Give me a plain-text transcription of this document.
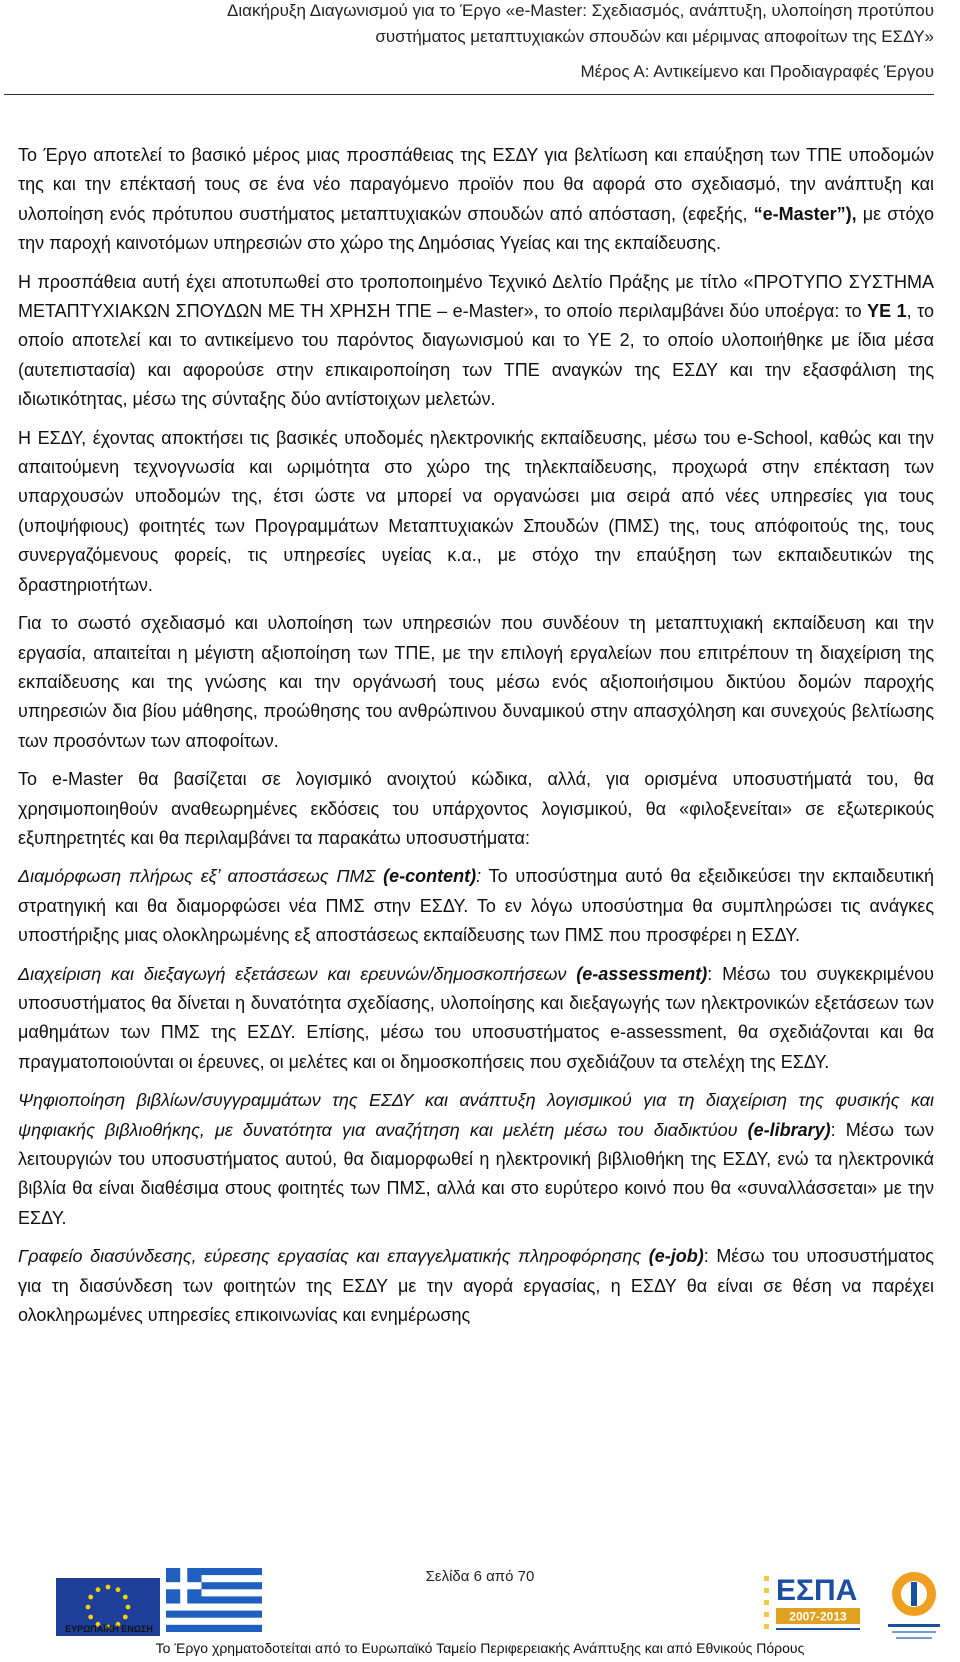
Διακήρυξη Διαγωνισμού για το Έργο «e-Master: Σχεδιασμός, ανάπτυξη, υλοποίηση προτύπου
συστήματος μεταπτυχιακών σπουδών και μέριμνας αποφοίτων της ΕΣΔΥ»
Μέρος Α: Αντικείμενο και Προδιαγραφές Έργου

Το Έργο αποτελεί το βασικό μέρος μιας προσπάθειας της ΕΣΔΥ για βελτίωση και επαύξηση των ΤΠΕ υποδομών της και την επέκτασή τους σε ένα νέο παραγόμενο προϊόν που θα αφορά στο σχεδιασμό, την ανάπτυξη και υλοποίηση ενός πρότυπου συστήματος μεταπτυχιακών σπουδών από απόσταση, (εφεξής, “e-Master”), με στόχο την παροχή καινοτόμων υπηρεσιών στο χώρο της Δημόσιας Υγείας και της εκπαίδευσης.

Η προσπάθεια αυτή έχει αποτυπωθεί στο τροποποιημένο Τεχνικό Δελτίο Πράξης με τίτλο «ΠΡΟΤΥΠΟ ΣΥΣΤΗΜΑ ΜΕΤΑΠΤΥΧΙΑΚΩΝ ΣΠΟΥΔΩΝ ΜΕ ΤΗ ΧΡΗΣΗ ΤΠΕ – e-Master», το οποίο περιλαμβάνει δύο υποέργα: το ΥΕ 1, το οποίο αποτελεί και το αντικείμενο του παρόντος διαγωνισμού και το ΥΕ 2, το οποίο υλοποιήθηκε με ίδια μέσα (αυτεπιστασία) και αφορούσε στην επικαιροποίηση των ΤΠΕ αναγκών της ΕΣΔΥ και την εξασφάλιση της ιδιωτικότητας, μέσω της σύνταξης δύο αντίστοιχων μελετών.

Η ΕΣΔΥ, έχοντας αποκτήσει τις βασικές υποδομές ηλεκτρονικής εκπαίδευσης, μέσω του e-School, καθώς και την απαιτούμενη τεχνογνωσία και ωριμότητα στο χώρο της τηλεκπαίδευσης, προχωρά στην επέκταση των υπαρχουσών υποδομών της, έτσι ώστε να μπορεί να οργανώσει μια σειρά από νέες υπηρεσίες για τους (υποψήφιους) φοιτητές των Προγραμμάτων Μεταπτυχιακών Σπουδών (ΠΜΣ) της, τους απόφοιτούς της, τους συνεργαζόμενους φορείς, τις υπηρεσίες υγείας κ.α., με στόχο την επαύξηση των εκπαιδευτικών της δραστηριοτήτων.

Για το σωστό σχεδιασμό και υλοποίηση των υπηρεσιών που συνδέουν τη μεταπτυχιακή εκπαίδευση και την εργασία, απαιτείται η μέγιστη αξιοποίηση των ΤΠΕ, με την επιλογή εργαλείων που επιτρέπουν τη διαχείριση της εκπαίδευσης και της γνώσης και την οργάνωσή τους μέσω ενός αξιοποιήσιμου δικτύου δομών παροχής υπηρεσιών δια βίου μάθησης, προώθησης του ανθρώπινου δυναμικού στην απασχόληση και συνεχούς βελτίωσης των προσόντων των αποφοίτων.

Το e-Master θα βασίζεται σε λογισμικό ανοιχτού κώδικα, αλλά, για ορισμένα υποσυστήματά του, θα χρησιμοποιηθούν αναθεωρημένες εκδόσεις του υπάρχοντος λογισμικού, θα «φιλοξενείται» σε εξωτερικούς εξυπηρετητές και θα περιλαμβάνει τα παρακάτω υποσυστήματα:

Διαμόρφωση πλήρως εξ’ αποστάσεως ΠΜΣ (e-content): Το υποσύστημα αυτό θα εξειδικεύσει την εκπαιδευτική στρατηγική και θα διαμορφώσει νέα ΠΜΣ στην ΕΣΔΥ. Το εν λόγω υποσύστημα θα συμπληρώσει τις ανάγκες υποστήριξης μιας ολοκληρωμένης εξ αποστάσεως εκπαίδευσης των ΠΜΣ που προσφέρει η ΕΣΔΥ.

Διαχείριση και διεξαγωγή εξετάσεων και ερευνών/δημοσκοπήσεων (e-assessment): Μέσω του συγκεκριμένου υποσυστήματος θα δίνεται η δυνατότητα σχεδίασης, υλοποίησης και διεξαγωγής των ηλεκτρονικών εξετάσεων των μαθημάτων των ΠΜΣ της ΕΣΔΥ. Επίσης, μέσω του υποσυστήματος e-assessment, θα σχεδιάζονται και θα πραγματοποιούνται οι έρευνες, οι μελέτες και οι δημοσκοπήσεις που σχεδιάζουν τα στελέχη της ΕΣΔΥ.

Ψηφιοποίηση βιβλίων/συγγραμμάτων της ΕΣΔΥ και ανάπτυξη λογισμικού για τη διαχείριση της φυσικής και ψηφιακής βιβλιοθήκης, με δυνατότητα για αναζήτηση και μελέτη μέσω του διαδικτύου (e-library): Μέσω των λειτουργιών του υποσυστήματος αυτού, θα διαμορφωθεί η ηλεκτρονική βιβλιοθήκη της ΕΣΔΥ, ενώ τα ηλεκτρονικά βιβλία θα είναι διαθέσιμα στους φοιτητές των ΠΜΣ, αλλά και στο ευρύτερο κοινό που θα «συναλλάσσεται» με την ΕΣΔΥ.

Γραφείο διασύνδεσης, εύρεσης εργασίας και επαγγελματικής πληροφόρησης (e-job): Μέσω του υποσυστήματος για τη διασύνδεση των φοιτητών της ΕΣΔΥ με την αγορά εργασίας, η ΕΣΔΥ θα είναι σε θέση να παρέχει ολοκληρωμένες υπηρεσίες επικοινωνίας και ενημέρωσης

Σελίδα 6 από 70
ΕΥΡΩΠΑΪΚΗ ΕΝΩΣΗ
ΕΣΠΑ
2007-2013
Το Έργο χρηματοδοτείται από το Ευρωπαϊκό Ταμείο Περιφερειακής Ανάπτυξης και από Εθνικούς Πόρους
